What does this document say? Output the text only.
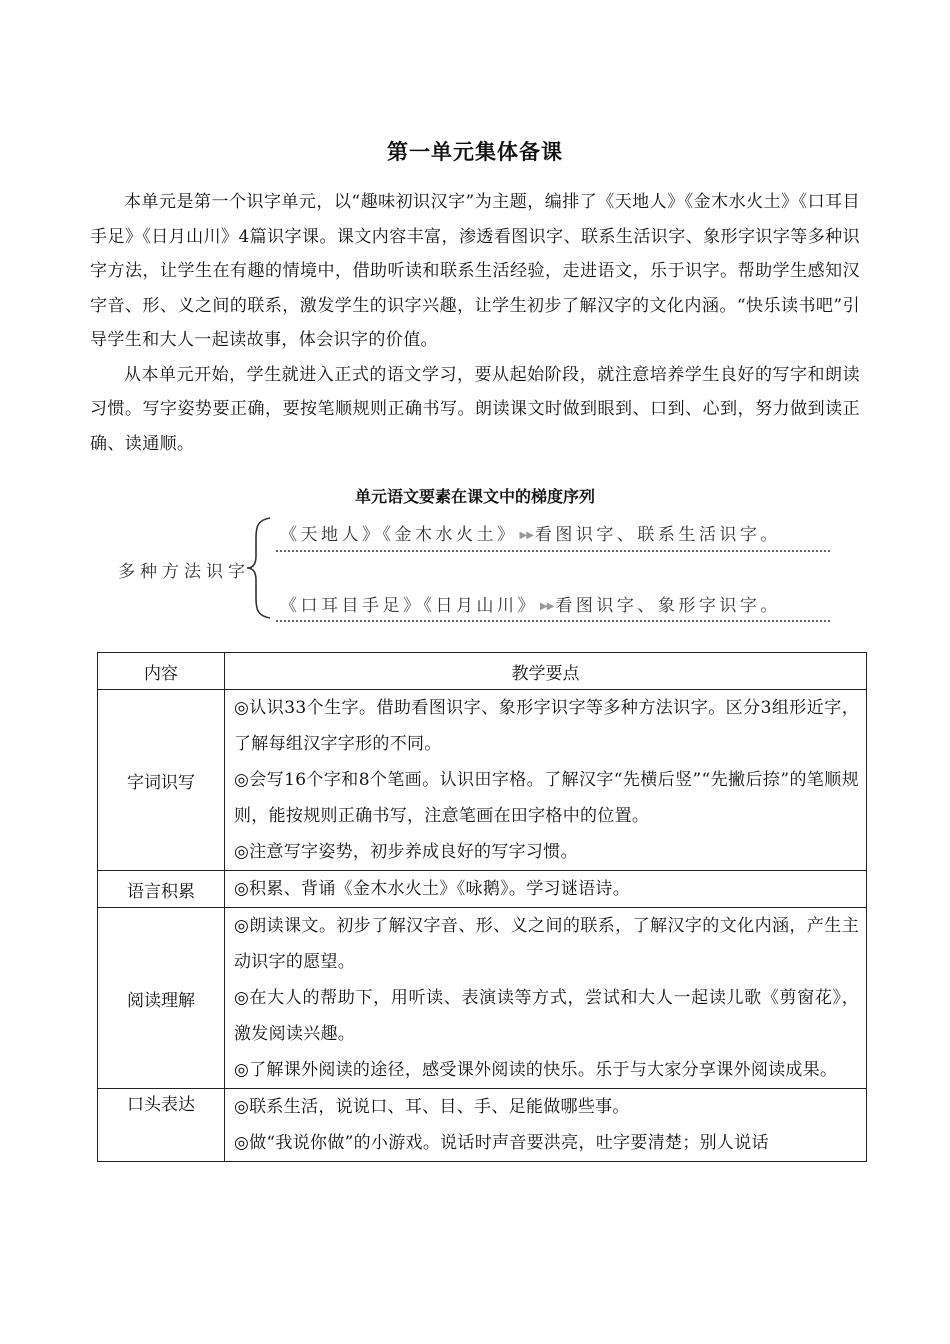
第一单元集体备课

本单元是第一个识字单元，以“趣味初识汉字”为主题，编排了《天地人》《金木水火土》《口耳目手足》《日月山川》4篇识字课。课文内容丰富，渗透看图识字、联系生活识字、象形字识字等多种识字方法，让学生在有趣的情境中，借助听读和联系生活经验，走进语文，乐于识字。帮助学生感知汉字音、形、义之间的联系，激发学生的识字兴趣，让学生初步了解汉字的文化内涵。“快乐读书吧”引导学生和大人一起读故事，体会识字的价值。

从本单元开始，学生就进入正式的语文学习，要从起始阶段，就注意培养学生良好的写字和朗读习惯。写字姿势要正确，要按笔顺规则正确书写。朗读课文时做到眼到、口到、心到，努力做到读正确、读通顺。

单元语文要素在课文中的梯度序列
多种方法识字
《天地人》《金木水火土》 ▶▶ 看图识字、联系生活识字。
《口耳目手足》《日月山川》 ▶▶ 看图识字、象形字识字。
内容	教学要点
字词识写	◎认识33个生字。借助看图识字、象形字识字等多种方法识字。区分3组形近字，了解每组汉字字形的不同。

◎会写16个字和8个笔画。认识田字格。了解汉字“先横后竖”“先撇后捺”的笔顺规则，能按规则正确书写，注意笔画在田字格中的位置。

◎注意写字姿势，初步养成良好的写字习惯。

语言积累	◎积累、背诵《金木水火土》《咏鹅》。学习谜语诗。

阅读理解	◎朗读课文。初步了解汉字音、形、义之间的联系，了解汉字的文化内涵，产生主动识字的愿望。

◎在大人的帮助下，用听读、表演读等方式，尝试和大人一起读儿歌《剪窗花》，激发阅读兴趣。

◎了解课外阅读的途径，感受课外阅读的快乐。乐于与大家分享课外阅读成果。

口头表达	◎联系生活，说说口、耳、目、手、足能做哪些事。

◎做“我说你做”的小游戏。说话时声音要洪亮，吐字要清楚；别人说话
